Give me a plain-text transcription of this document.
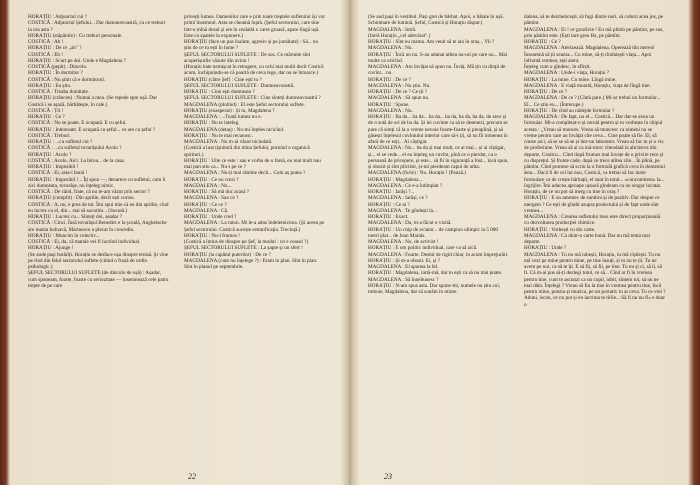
HORAȚIU : Adjunctul cui ?

COSTICĂ : Adjunctul Șefului... Dar dumneavoastră, cu ce treburi la ora asta ?

HORAȚIU (stăpânire) : Cu treburi personale.

COSTICĂ : Ah !

HORAȚIU : De ce „ah" ?

COSTICĂ : Eh !

HORAȚIU : Scurt pe doi. Unde e Magdalena ?

COSTICĂ (pepit) : Dincolo.

HORAȚIU : În dormitor ?

COSTICĂ : Nu știm că e dormitorul.

HORAȚIU : Eu știu.

COSTICĂ : Treaba dumitale.

HORAȚIU (crâncen) : Numai a mea. (Se repede spre ușă. Dar Costică i se așază, bărbătește, în cale.)

COSTICĂ : Ții !

HORAȚIU : Ce ?

COSTICĂ : Nu se poate. E ocupată. E cu șeful.

HORAȚIU : Interesant. E ocupată cu șeful... ce are cu șeful ?

COSTICĂ : Treburi.

HORAȚIU : ...cu sufletul cui ?

COSTICĂ : ...cu sufletul tovarășului Acolo ?

HORAȚIU : Acolo ?

COSTICĂ : Acolo. Aici. La birou... de la casa.

HORAȚIU : Imposibil !

COSTICĂ : Ei, asta-i bună !

HORAȚIU : Imposibil !... Îți spun —, deoarece cu sufletul, cum îi zici dumneata, tovarășe, nu înțeleg nimic.

COSTICĂ : De când, frate, că nu te-am văzut prin sector ?

HORAȚIU (cumplit) : Din aprilie, decît ești curios.

COSTICĂ : A, nu, e prea de tot. Îmi spui mie că eu din aprilie, cînd eu lucrez cu el, din... stai să socotim... (Socotă.)

HORAȚIU : Lucrez cu... Sînteți doi, asadar ?

COSTICĂ : Cinci. Însă tovarășul Benedict e la școală, Anghelache are mama bolnavă, Marinescu a plecat în concediu.

HORAȚIU : Muncim în colectiv...

COSTICĂ : Ei, da, că matale vei fi lucrînd individual.

HORAȚIU : Ajunge !

(Se aude pași hotărîți. Horațiu se desface ușa dinspre terasă. Și vine pe rînd din felul sectorului suflete (citind o frază de ordin psihologic.)

ȘEFUL SECTORULUI SUFLETE (de dincolo de ușă) : Așadar, cum spuneam, foarte, foarte cu seriozitate — însemnează cele patru trepte de pe care

privești lumea. Oamenilor care e prin toate treptele sufletului își vor primi însemnul. Asta se cheamă luptă. (Șeful sectorului, care tine într-o mînă dosul și are în cealaltă o carte groasă, apare lîngă ușă. Este cu spatele la expunere.)

HORAȚIU (face un pas înainte, agresiv și pe jumătate) : Să... nu știu de ce tu ești în lume ?

ȘEFUL SECTORULUI SUFLETE : De sus. Ce mărunte sînt acoperișurile văzute din avion !

(Horațiu bate nemișcat în retragere, cu ochi mai multi decît Costică acum, închipuindu-se că poartă de ceva lege, dar nu se întoarce.)

HORAȚIU (către Șef) : Cine ești tu ?

ȘEFUL SECTORULUI SUFLETE : Dumneavoastră.

HORAȚIU : Cine ești dumneata ?

ȘEFUL SECTORULUI SUFLETE : Cine sînteți dumneavoastră ?

MAGDALENA (plutind) : El este Șeful sectorului suflete.

HORAȚIU (exasperat) : Și tu, Magdalena ?

MAGDALENA : ...Toată lumea nu e.

HORAȚIU : Nu te inteleg.

MAGDALENA (detaș) : Nu-mi înțeles nicicînd.

HORAȚIU : Nu te mai recunosc.

MAGDALENA : Nu m-ai văzut niciodată.

(Costică a luat țișnitură din mîna Șefului, pornind o organică spirituri.)

HORAȚIU : Uite ce este : sau e vorba de o farsă, eu mai mult nau mai pun stiu ca... Nu-i pe ce ?

MAGDALENA : Nu-ți mai rămîne decît... Cum aș putea ?

HORAȚIU : Ce nu crezi ?

MAGDALENA : Nu...

HORAȚIU : Să mă duc acasă ?

MAGDALENA : Sau ce ?

HORAȚIU : Ce ce ?

MAGDALENA : Că.

HORAȚIU : Unde cred ?

MAGDALENA : La raion. Mi le-a adus îndeletnicirea. (Și aceea pe Șeful sectorului. Costică sucește semnificația. Trecință.)

HORAȚIU : Nu-i frumos !

(Costică a întins de dinspre pe Șef, la modul : cit e ceasul ?)

ȘEFUL SECTORULUI SUFLETE : La șapte și un sfert !

HORAȚIU (la capătul puterilor) : De ce ?

MAGDALENA (cum nu înțelege ?) : Eram în plan. Sînt în plan. Sînt în planul pe septembrie.

22

(Se aud pași în vestibul. Pași grei de bărbat. Apoi, o bătaie în ușă. Schimbare de lumină. Șeful, Costică și Horațiu dispar.)

MAGDALENA : Intră.

(Intră Horațiu „cel adevărat".)

HORAȚIU : Sînt eu mama. Am venit să te iau în oraș... Vii ?

MAGDALENA : Nu.

HORAȚIU : Încă un nu. S-au adunat atîtea nu-uri pe care nu... Mai multe ca oricînd.

MAGDALENA : Am învățat să spun nu. Învăț. Mă țin cu dinții de cuvînt... nu.

HORAȚIU : De ce ?

MAGDALENA : Nu știu. Nu.

HORAȚIU : De ce ? Ce ții ?

MAGDALENA : Să spun nu.

HORAȚIU : Spune.

MAGDALENA : Nu.

HORAȚIU : Ba da... ba da... ba da... ba da, ba da, ba da, de zece și de o sută de ori de ba da. Și iei cuvinte ca să te desenezi, precum se pare că simți că la o vreme nevoie foarte-foarte și preaplină, și să găsești înțelesul cuvîntului interior care să-l ții, să nu fii nimenea în afară de ce esți... Ai câștigat.

MAGDALENA : Nu... ba da și mai mult, ce ai mai... și ai cîștigat, și... el se vede... el eu înțeleg un cuvînt, pînă ce o pierdut, ca o persoană de pricepere, și este... să fii în siguranță a fost... încă spun, și obosit și sînt plictisit, și-mi pierdeam capul de atîta.

MAGDALENA (furie) : Nu. Horațiu ! (Pauză.)

HORAȚIU : Magdalena...

MAGDALENA : Ce e-a întîmplat ?

HORAȚIU : Iarăși ?...

MAGDALENA : Iarăși, ce ?

HORAȚIU : Ce ai ?

MAGDALENA : Te gîndești la...

HORAȚIU : Exact.

MAGDALENA : Da, m-a făcut o vizită.

HORAȚIU : Un chip de aviator... de campion olimpic la 5 000 metri plat... de Jean Marais.

MAGDALENA : Nu, de activist !

HORAȚIU : E om politic individual, care va să zică.

MAGDALENA : Foarte. Destul de rigid chiar, în acum împrejurări.

HORAȚIU : Și m-a obosit. Ei, și ?

MAGDALENA : El spunea la fel.

HORAȚIU : Magdalena, iartă-mă, dar tu ești ca să nu mai poate.

MAGDALENA : Să înnebunesc ?

HORAȚIU : N-am spus asta. Dar spune-mi, numele nu știu cui, trebuie, Magdalena, dar să sunăm în minte.

dalena, să te dezmeticești, să fugi dintre nori, să cobori acea jos, pe pămînt.

MAGDALENA : Ei ! ce grozăvie ! Eu mă plimb pe pămînt, pe sus, prin pămînt este. (Ești tare greu Ba, pe pămînt.

HORAȚIU : Ce ?

MAGDALENA : Aterizează. Magdalena. Operează din mereu! Înseamnă să ții seama... Cu mine, să-ți rînduiești viața... Apoi înfruntă vremea, ești atent.

Înțeleg cum o gîndesc, în sfîrșit.

MAGDALENA : Unde-i viața, Horațiu ?

HORAȚIU : La mine. Cu mine. Lîngă mine.

MAGDALENA : E viață moartă, Horațiu, viața de lîngă tine.

HORAȚIU : De ce ?

MAGDALENA : De ce ? (Cîntă pare.) Mi-ar trebui un formular... El... Ce știu eu... (Întrerupe.)

HORAȚIU : De cînd au nădejde formular ?

MAGDALENA : De fapt, nu el... Costică... Dar dar-se avea un formular. Mi-a completat-o și cerută pentru și tu vorbește în chipul acesta : ,,Vreau să munces. Vreau să muncesc ca nimeni nu se vreme pentru care au învățat cîte ceva... Cine poate să fie. El, să cinste aici, să se se să se și într-un laborator. Vreau să fac tu și o vis de profesiune. Vreau să ai ca mă-ntorc cîteodată la altcineva din departe, Costicu... Cînd după frumos mai învețe de o privire rece și cu disprețul. Și frunte cade, după ce trece atîtea zile... În plină, pe pămînt. Cînd pornese să scriu la o formulă grafică ceva în domeniul ăsta... Dacă fi de cel lui nou, Costică, va trebui să fac mare formulare ca de crește bărbații, el sunt în totul... «concomitent» la... îngrijire. Îmi aducea aproape ușoară gîndeam cu un singur locatar. Horațiu, de ce nu pot să merg cu tine în oraș ?

HORAȚIU : E un amestec de sumbru și de pozitiv. Dar despre ce mergem ? Ce ești de gîndit asupra proiectului și de fapt unde sînt vremea...

MAGDALENA : Crearea sufletului meu este direct proporțională cu dezvoltarea producției chimice.

HORAȚIU : Vorbești cu din carte.

MAGDALENA : Ca dintr-o carte bună. Dar nu mă tenta mai departe.

HORAȚIU : Unde ?

MAGDALENA : Tu nu mă iubești, Horațiu, tu mă cîștiești. Tu nu mă vezi pe mine pentru mine, pe tine însuți, și tu nu te ții. Tu ne avem pe noi, ca să te îți. E să fii, să fii, pe tine. Tu nu și ci, să ii, să fi. Că m-ai pus să-ți dezlegi totul, ce să... Cînd ar fi în vremea pentru tine, cum te ascunzi ca un copil, iubit, sîntem tot, să nu ne mai dăm. Înțelegi ? Vreau să fiu la tine în vremea pentru tine, încă pentru mine, poezia și muzica, pe un portativ tu ai ceva. Tu ce vrei ? Aduni, iscon, ce nu pot și eu lacrima te tîrîie... Să fi nu nu fi» e doar o

23
